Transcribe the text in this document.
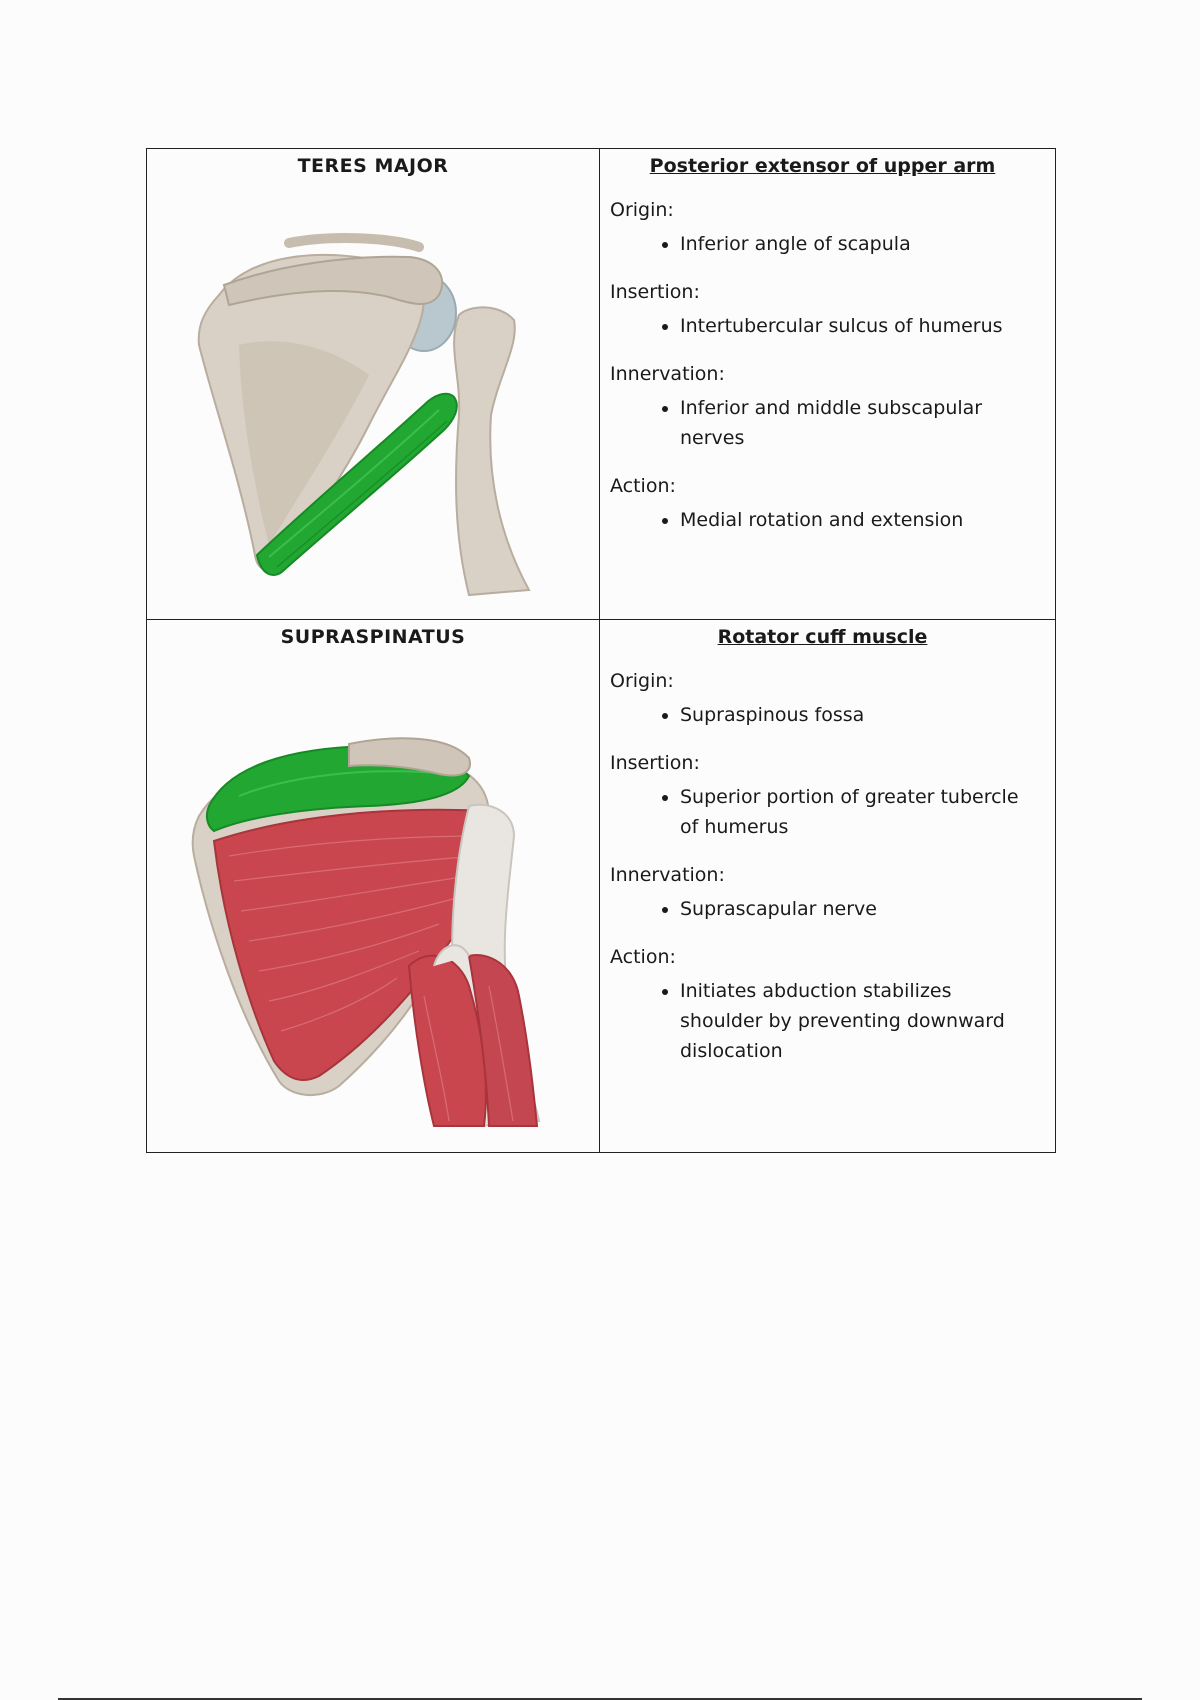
TERES MAJOR	Posterior extensor of upper arm
Origin:
• Inferior angle of scapula
Insertion:
• Intertubercular sulcus of humerus
Innervation:
• Inferior and middle subscapular nerves
Action:
• Medial rotation and extension
SUPRASPINATUS	Rotator cuff muscle
Origin:
• Supraspinous fossa
Insertion:
• Superior portion of greater tubercle of humerus
Innervation:
• Suprascapular nerve
Action:
• Initiates abduction stabilizes shoulder by preventing downward dislocation
